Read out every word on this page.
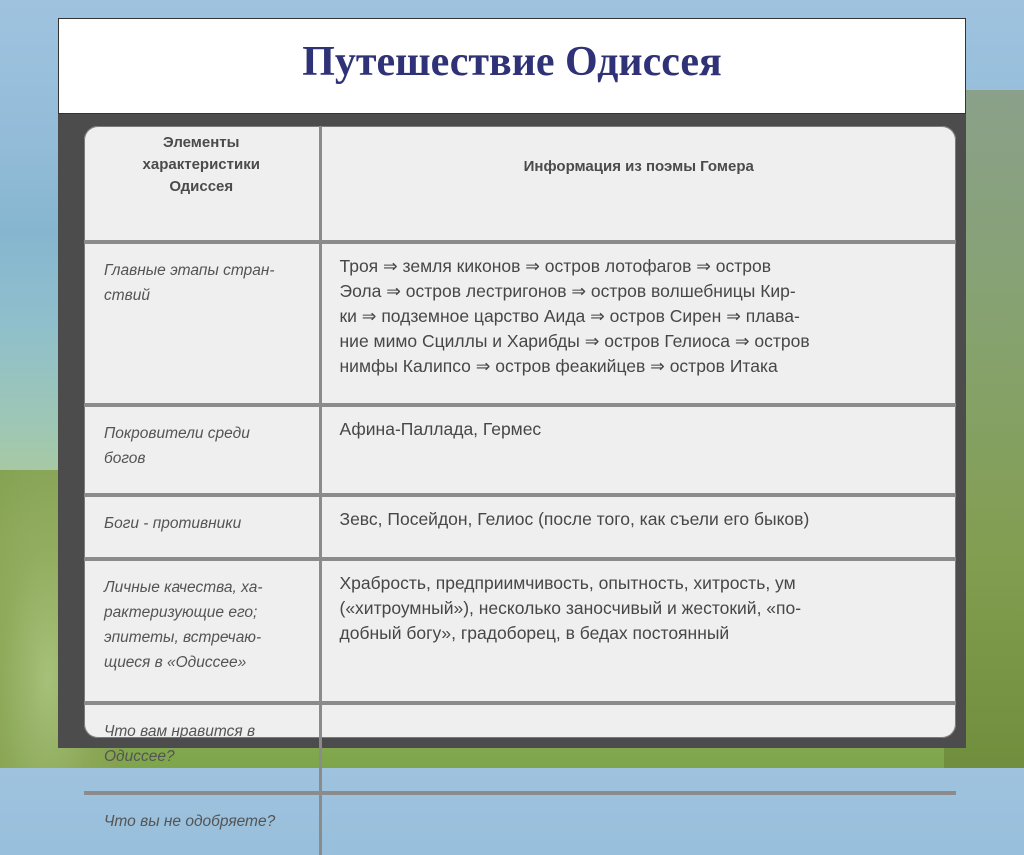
Путешествие Одиссея
Элементы
характеристики
Одиссея	Информация из поэмы Гомера

Главные этапы стран-
ствий	Троя ⇒ земля киконов ⇒ остров лотофагов ⇒ остров
Эола ⇒ остров лестригонов ⇒ остров волшебницы Кир-
ки ⇒ подземное царство Аида ⇒ остров Сирен ⇒ плава-
ние мимо Сциллы и Харибды ⇒ остров Гелиоса ⇒ остров
нимфы Калипсо ⇒ остров феакийцев ⇒ остров Итака

Покровители среди
богов	Афина-Паллада, Гермес

Боги - противники	Зевс, Посейдон, Гелиос (после того, как съели его быков)

Личные качества, ха-
рактеризующие его;
эпитеты, встречаю-
щиеся в «Одиссее»	Храбрость, предприимчивость, опытность, хитрость, ум
(«хитроумный»), несколько заносчивый и жестокий, «по-
добный богу», градоборец, в бедах постоянный

Что вам нравится в
Одиссее?	

Что вы не одобряете?	
